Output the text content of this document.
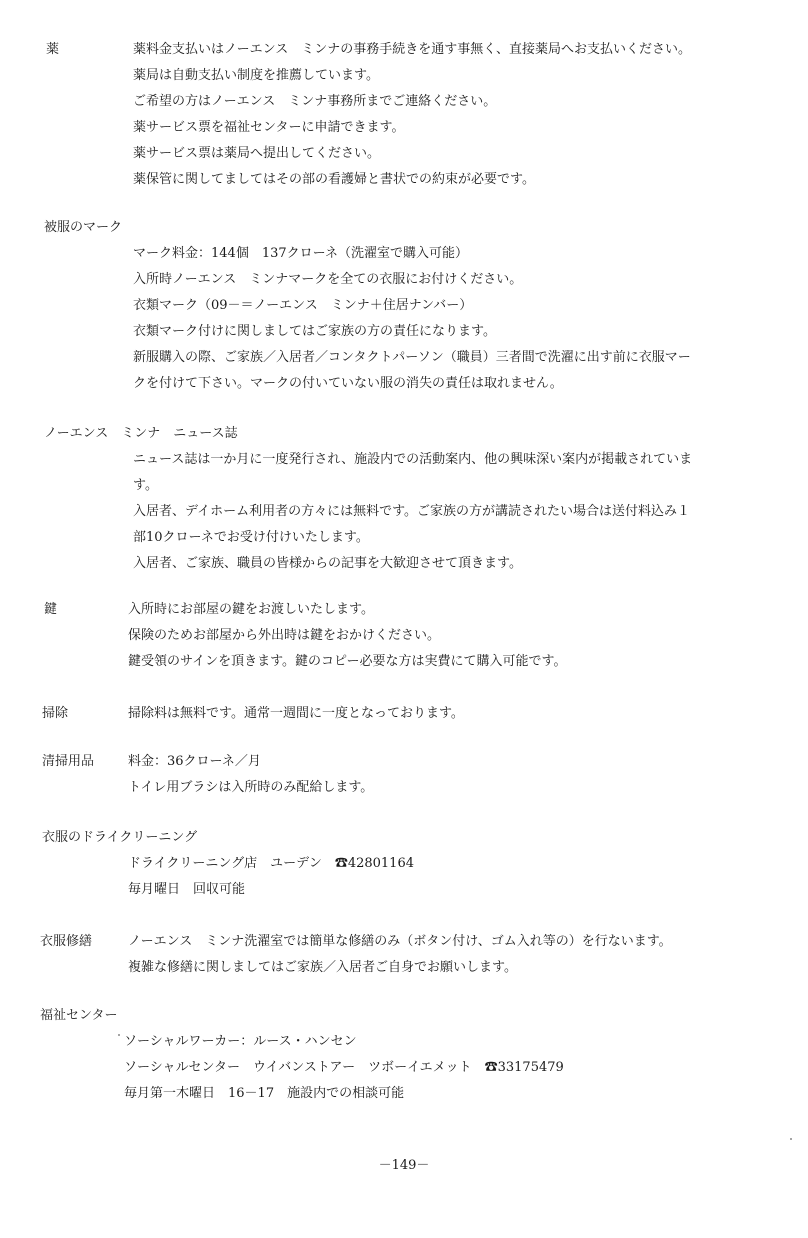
薬	薬料金支払いはノーエンス　ミンナの事務手続きを通す事無く、直接薬局へお支払いください。
薬局は自動支払い制度を推薦しています。
ご希望の方はノーエンス　ミンナ事務所までご連絡ください。
薬サービス票を福祉センターに申請できます。
薬サービス票は薬局へ提出してください。
薬保管に関してましてはその部の看護婦と書状での約束が必要です。
被服のマーク
マーク料金：144個　137クローネ（洗濯室で購入可能）
入所時ノーエンス　ミンナマークを全ての衣服にお付けください。
衣類マーク（09－＝ノーエンス　ミンナ＋住居ナンバー）
衣類マーク付けに関しましてはご家族の方の責任になります。
新服購入の際、ご家族／入居者／コンタクトパーソン（職員）三者間で洗濯に出す前に衣服マー
クを付けて下さい。マークの付いていない服の消失の責任は取れません。
ノーエンス　ミンナ　ニュース誌
ニュース誌は一か月に一度発行され、施設内での活動案内、他の興味深い案内が掲載されていま
す。
入居者、デイホーム利用者の方々には無料です。ご家族の方が講読されたい場合は送付料込み１
部10クローネでお受け付けいたします。
入居者、ご家族、職員の皆様からの記事を大歓迎させて頂きます。
鍵	入所時にお部屋の鍵をお渡しいたします。
保険のためお部屋から外出時は鍵をおかけください。
鍵受領のサインを頂きます。鍵のコピー必要な方は実費にて購入可能です。
掃除	掃除料は無料です。通常一週間に一度となっております。
清掃用品	料金：36クローネ／月
トイレ用ブラシは入所時のみ配給します。
衣服のドライクリーニング
ドライクリーニング店　ユーデン　☎42801164
毎月曜日　回収可能
衣服修繕	ノーエンス　ミンナ洗濯室では簡単な修繕のみ（ボタン付け、ゴム入れ等の）を行ないます。
複雑な修繕に関しましてはご家族／入居者ご自身でお願いします。
福祉センター
ソーシャルワーカー：ルース・ハンセン
ソーシャルセンター　ウイバンストアー　ツボーイエメット　☎33175479
毎月第一木曜日　16－17　施設内での相談可能
－149－
